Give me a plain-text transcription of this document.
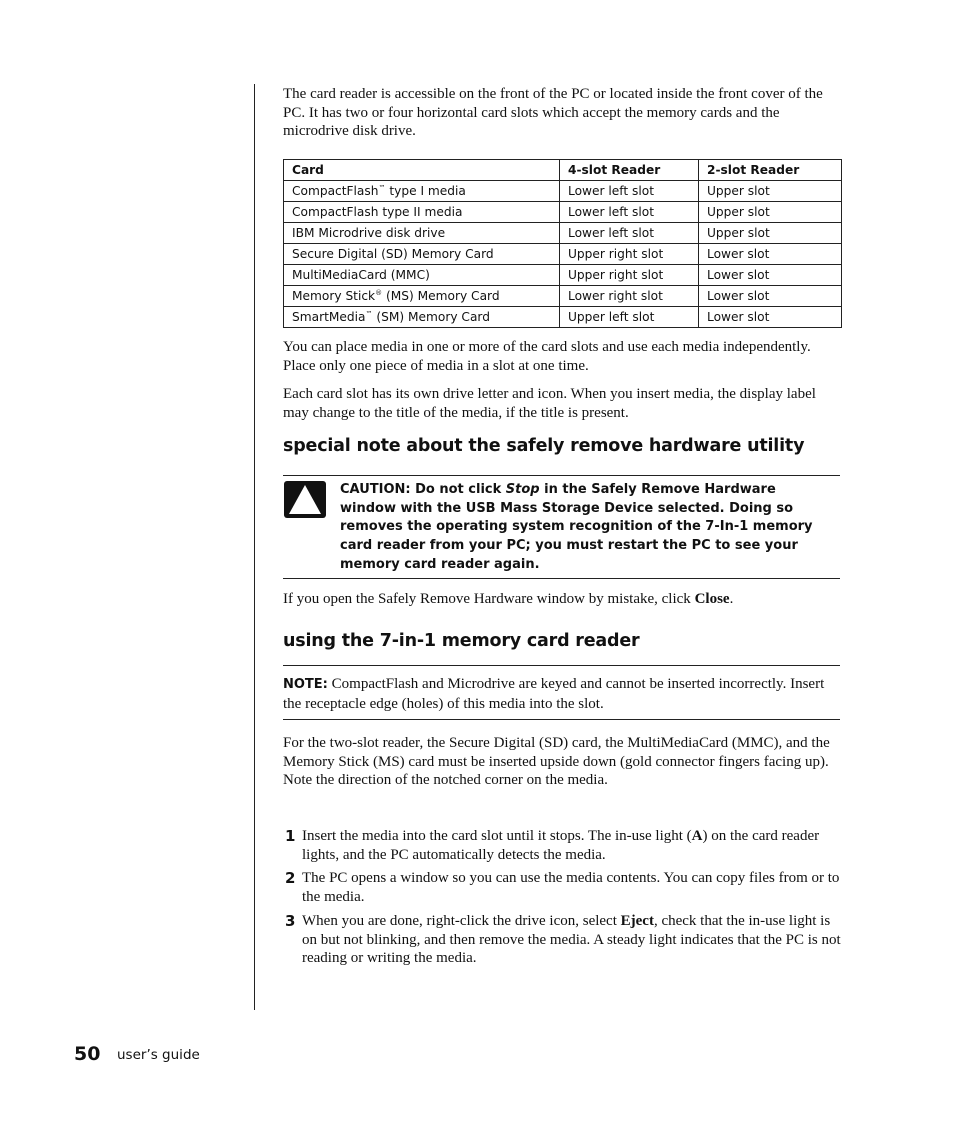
The card reader is accessible on the front of the PC or located inside the front cover of the PC. It has two or four horizontal card slots which accept the memory cards and the microdrive disk drive.

Card	4-slot Reader	2-slot Reader
CompactFlash™ type I media	Lower left slot	Upper slot
CompactFlash type II media	Lower left slot	Upper slot
IBM Microdrive disk drive	Lower left slot	Upper slot
Secure Digital (SD) Memory Card	Upper right slot	Lower slot
MultiMediaCard (MMC)	Upper right slot	Lower slot
Memory Stick® (MS) Memory Card	Lower right slot	Lower slot
SmartMedia™ (SM) Memory Card	Upper left slot	Lower slot

You can place media in one or more of the card slots and use each media independently. Place only one piece of media in a slot at one time.

Each card slot has its own drive letter and icon. When you insert media, the display label may change to the title of the media, if the title is present.

special note about the safely remove hardware utility
CAUTION: Do not click Stop in the Safely Remove Hardware window with the USB Mass Storage Device selected. Doing so removes the operating system recognition of the 7-In-1 memory card reader from your PC; you must restart the PC to see your memory card reader again.

If you open the Safely Remove Hardware window by mistake, click Close.

using the 7-in-1 memory card reader
NOTE: CompactFlash and Microdrive are keyed and cannot be inserted incorrectly. Insert the receptacle edge (holes) of this media into the slot.

For the two-slot reader, the Secure Digital (SD) card, the MultiMediaCard (MMC), and the Memory Stick (MS) card must be inserted upside down (gold connector fingers facing up). Note the direction of the notched corner on the media.

1 Insert the media into the card slot until it stops. The in-use light (A) on the card reader lights, and the PC automatically detects the media.
2 The PC opens a window so you can use the media contents. You can copy files from or to the media.
3 When you are done, right-click the drive icon, select Eject, check that the in-use light is on but not blinking, and then remove the media. A steady light indicates that the PC is not reading or writing the media.
50 user’s guide
